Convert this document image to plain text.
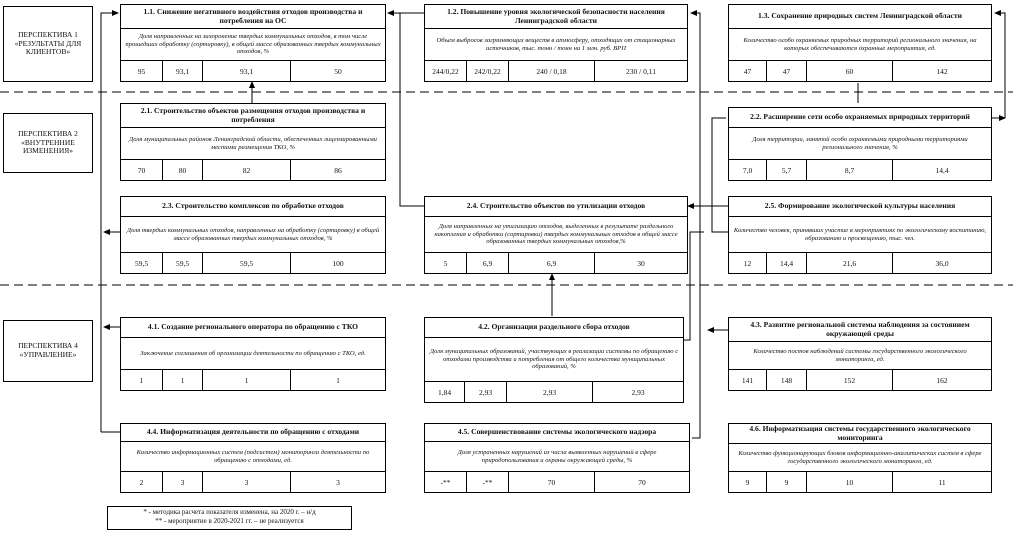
ПЕРСПЕКТИВА 1 «РЕЗУЛЬТАТЫ ДЛЯ КЛИЕНТОВ»
ПЕРСПЕКТИВА 2 «ВНУТРЕННИЕ ИЗМЕНЕНИЯ»
ПЕРСПЕКТИВА 4 «УПРАВЛЕНИЕ»
1.1. Снижение негативного воздействия отходов производства и потребления на ОС
Доля направленных на захоронение твердых коммунальных отходов, в том числе прошедших обработку (сортировку), в общей массе образованных твердых коммунальных отходов, %
95	93,1	93,1	50
1.2. Повышение уровня экологической безопасности населения Ленинградской области
Объем выбросов загрязняющих веществ в атмосферу, отходящих от стационарных источников, тыс. тонн / тонн на 1 млн. руб. ВРП
244/0,22	242/0,22	240 / 0,18	230 / 0,11
1.3. Сохранение природных систем Ленинградской области
Количество особо охраняемых природных территорий регионального значения, на которых обеспечиваются охранные мероприятия, ед.
47	47	60	142
2.1. Строительство объектов размещения отходов производства и потребления
Доля муниципальных районов Ленинградской области, обеспеченных лицензированными местами размещения ТКО, %
70	80	82	86
2.2. Расширение сети особо охраняемых природных территорий
Доля территории, занятой особо охраняемыми природными территориями регионального значения, %
7,0	5,7	8,7	14,4
2.3. Строительство комплексов по обработке отходов
Доля твердых коммунальных отходов, направленных на обработку (сортировку) в общей массе образованных твердых коммунальных отходов, %
59,5	59,5	59,5	100
2.4. Строительство объектов по утилизации отходов
Доля направленных на утилизацию отходов, выделенных в результате раздельного накопления и обработки (сортировки) твердых коммунальных отходов в общей массе образованных твердых коммунальных отходов,%
5	6,9	6,9	30
2.5. Формирование экологической культуры населения
Количество человек, принявших участие в мероприятиях по экологическому воспитанию, образованию и просвещению, тыс. чел.
12	14,4	21,6	36,0
4.1. Создание регионального оператора по обращению с ТКО
Заключение соглашения об организации деятельности по обращению с ТКО, ед.
1	1	1	1
4.2. Организация раздельного сбора отходов
Доля муниципальных образований, участвующих в реализации системы по обращению с отходами производства и потребления от общего количества муниципальных образований, %
1,84	2,93	2,93	2,93
4.3. Развитие региональной системы наблюдения за состоянием окружающей среды
Количество постов наблюдений системы государственного экологического мониторинга, ед.
141	148	152	162
4.4. Информатизация деятельности по обращению с отходами
Количество информационных систем (подсистем) мониторинга деятельности по обращению с отходами, ед.
2	3	3	3
4.5. Совершенствование системы экологического надзора
Доля устраненных нарушений из числа выявленных нарушений в сфере природопользования и охраны окружающей среды, %
-**	-**	70	70
4.6. Информатизация системы государственного экологического мониторинга
Количество функционирующих блоков информационно-аналитических систем в сфере государственного экологического мониторинга, ед.
9	9	10	11
* - методика расчета показателя изменена, на 2020 г. – н/д
** - мероприятие в 2020-2021 гг. – не реализуется
